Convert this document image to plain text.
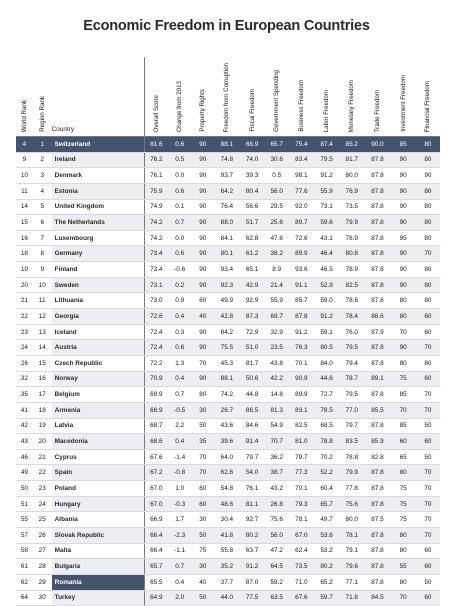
Economic Freedom in European Countries
World Rank	Region Rank	Country	Overall Score	Change from 2013	Property Rights	Freedom from Corruption	Fiscal Freedom	Government Spending	Business Freedom	Labor Freedom	Monetary Freedom	Trade Freedom	Investment Freedom	Financial Freedom
4	1	Switzerland	81.6	0.6	90	88.1	68.9	65.7	75.4	87.4	85.2	90.0	85	80
9	2	Ireland	76.2	0.5	90	74.8	74.0	30.6	83.4	79.5	81.7	87.8	90	80
10	3	Denmark	76.1	0.0	90	93.7	39.3	0.5	98.1	91.2	80.0	87.8	90	90
11	4	Estonia	75.9	0.6	90	64.2	80.4	56.0	77.6	55.9	76.9	87.8	90	80
14	5	United Kingdom	74.9	0.1	90	76.4	56.6	29.5	92.0	73.1	73.5	87.8	90	80
15	6	The Netherlands	74.2	0.7	90	88.0	51.7	25.6	89.7	59.6	79.9	87.8	90	80
16	7	Luxembourg	74.2	0.0	90	84.1	62.8	47.6	72.6	43.1	78.9	87.8	95	80
18	8	Germany	73.4	0.6	90	80.1	61.2	38.2	89.9	46.4	80.8	87.8	90	70
19	9	Finland	73.4	-0.6	90	93.4	65.1	8.9	93.6	46.5	78.9	87.8	90	80
20	10	Sweden	73.1	0.2	90	92.3	42.9	21.4	91.1	52.9	82.5	87.8	90	80
21	11	Lithuania	73.0	0.9	60	49.9	92.9	55.9	85.7	59.0	78.6	87.8	80	80
22	12	Georgia	72.6	0.4	40	42.8	87.3	69.7	87.8	91.2	78.4	88.6	80	60
23	13	Iceland	72.4	0.3	90	84.2	72.9	32.9	91.2	59.1	76.0	87.9	70	60
24	14	Austria	72.4	0.6	90	75.5	51.0	23.5	76.3	80.5	79.5	87.8	90	70
26	15	Czech Republic	72.2	1.3	70	45.3	81.7	43.8	70.1	84.0	79.4	87.8	80	80
32	16	Norway	70.9	0.4	90	88.1	50.6	42.2	90.9	44.6	78.7	89.1	75	60
35	17	Belgium	69.9	0.7	80	74.2	44.8	14.8	89.9	72.7	79.5	87.8	85	70
41	18	Armenia	68.9	-0.5	30	26.7	86.5	81.3	83.1	78.5	77.0	85.5	70	70
42	19	Latvia	68.7	2.2	50	43.6	84.6	54.9	82.5	68.5	79.7	87.8	85	50
43	20	Macedonia	68.6	0.4	35	39.6	91.4	70.7	81.0	78.8	83.5	85.9	60	60
46	21	Cyprus	67.6	-1.4	70	64.0	79.7	36.2	79.7	70.2	78.8	82.8	65	50
49	22	Spain	67.2	-0.8	70	62.6	54.0	38.7	77.3	52.2	79.9	87.8	80	70
50	23	Poland	67.0	1.0	60	54.8	76.1	43.2	70.1	60.4	77.8	87.8	75	70
51	24	Hungary	67.0	-0.3	60	48.6	81.1	26.8	79.3	65.7	75.6	87.8	75	70
55	25	Albania	66.9	1.7	30	30.4	92.7	75.6	78.1	49.7	80.0	87.5	75	70
57	26	Slovak Republic	66.4	-2.3	50	41.8	80.2	56.0	67.0	53.6	78.1	87.8	80	70
58	27	Malta	66.4	-1.1	75	55.8	63.7	47.2	62.4	53.2	79.1	87.8	80	60
61	28	Bulgaria	65.7	0.7	30	35.2	91.2	64.5	73.5	80.2	79.6	87.8	55	60
62	29	Romania	65.5	0.4	40	37.7	87.0	59.2	71.0	65.2	77.1	87.8	80	50
64	30	Turkey	64.9	2.0	50	44.0	77.5	63.5	67.6	59.7	71.8	84.5	70	60
